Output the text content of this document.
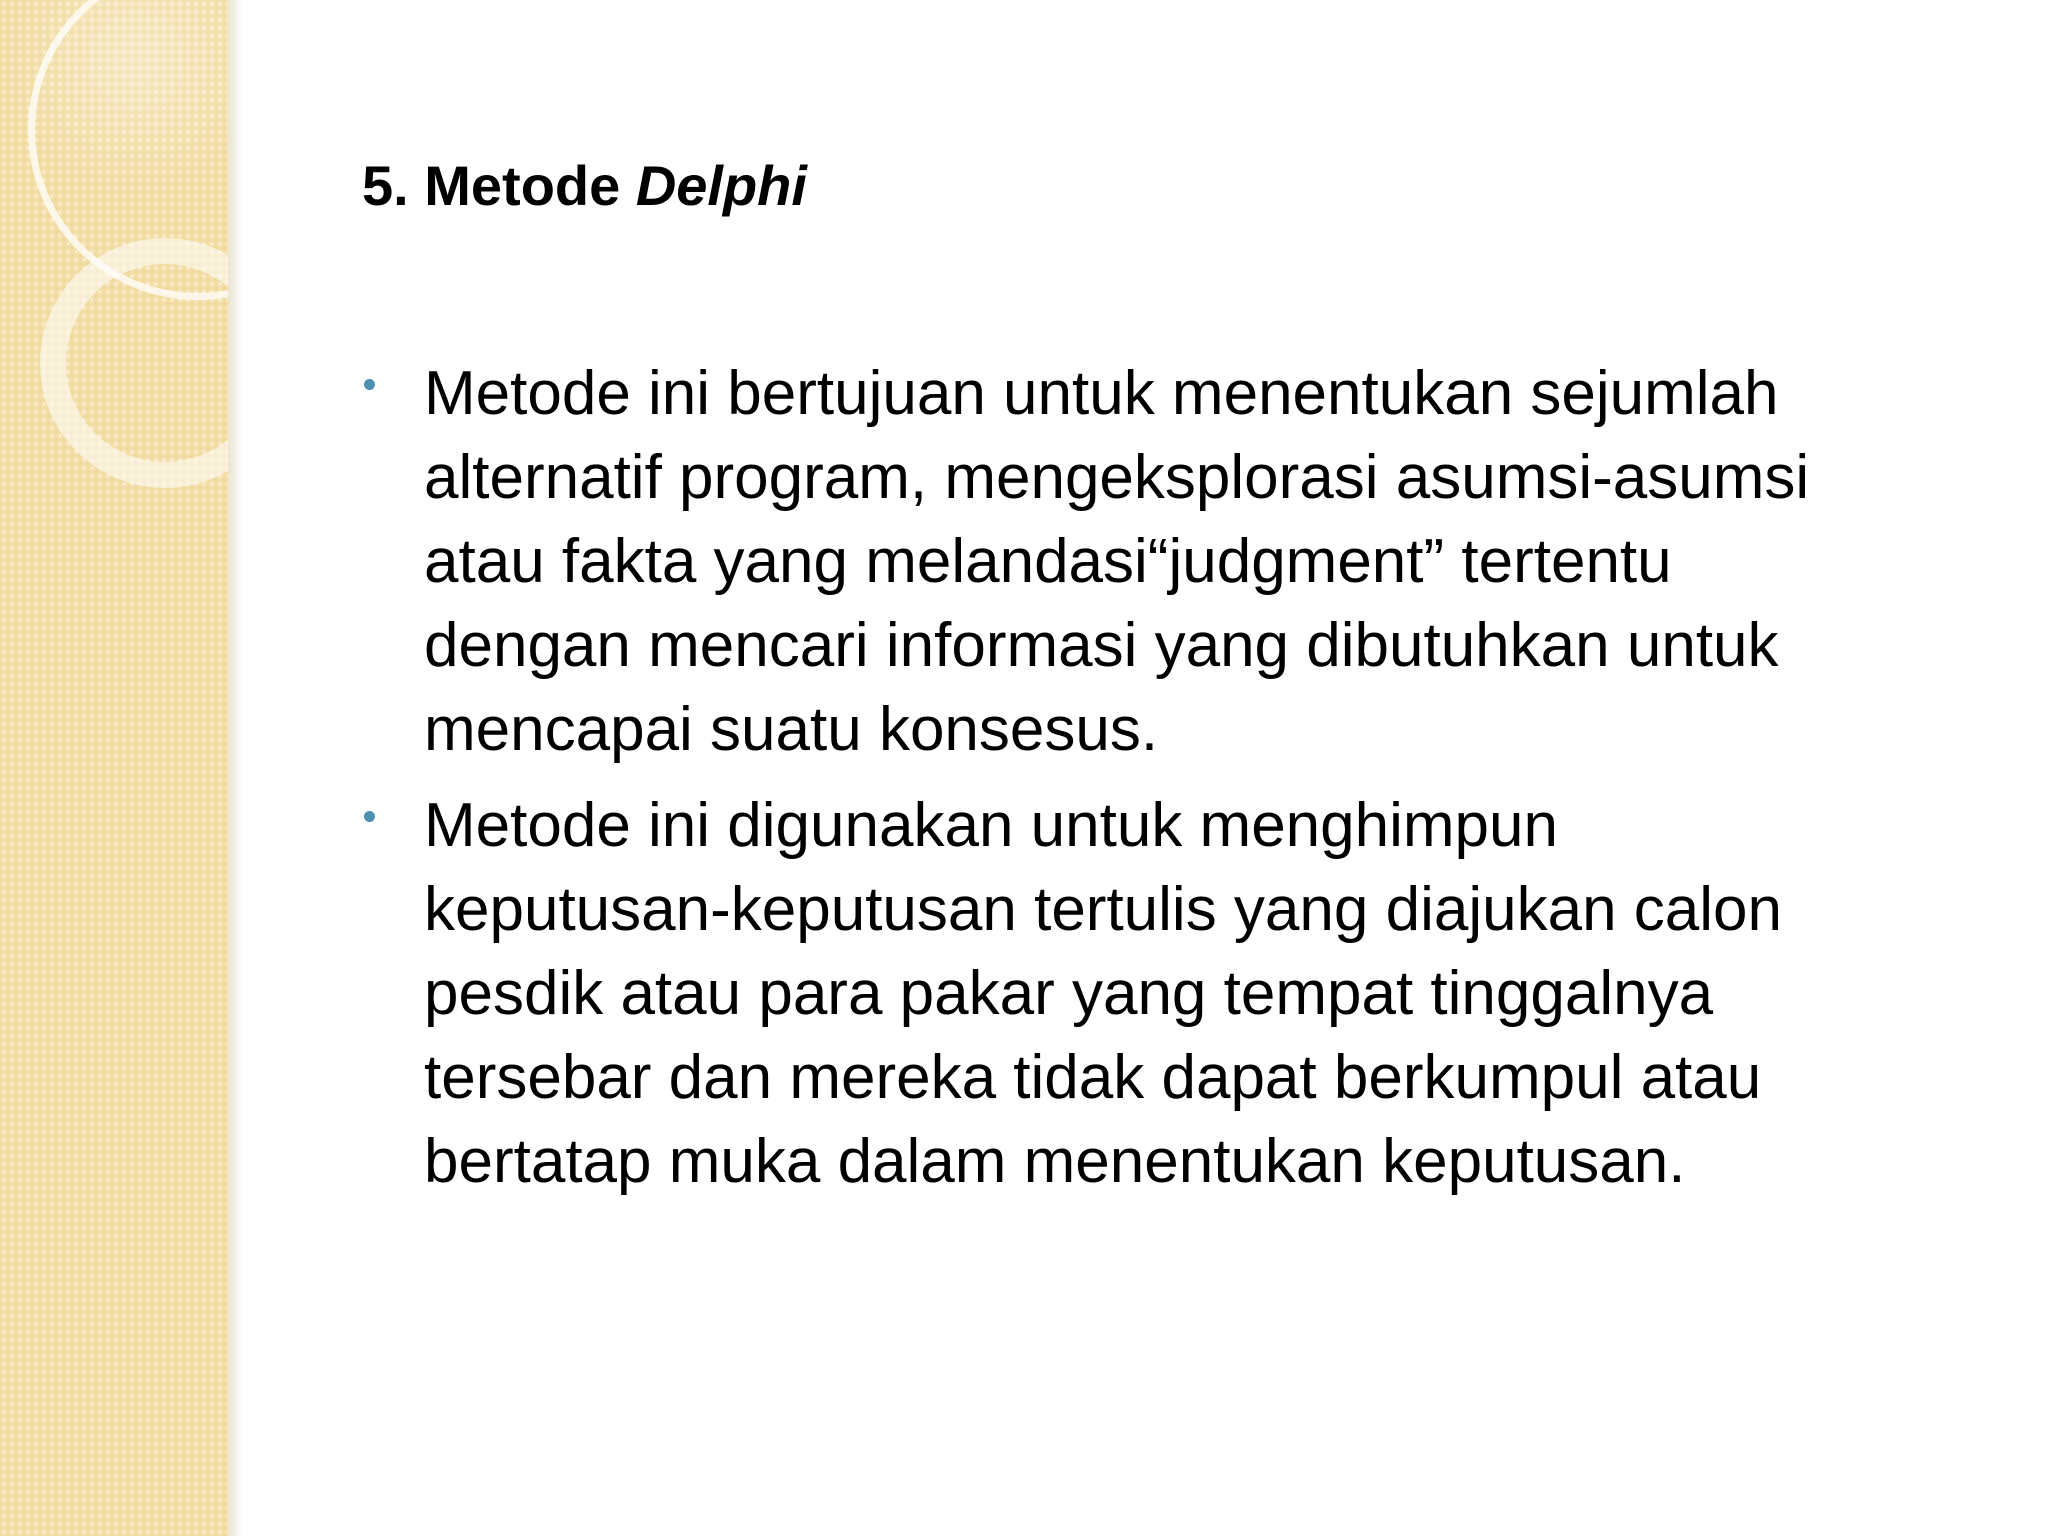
5. Metode Delphi
Metode ini bertujuan untuk menentukan sejumlah
alternatif program, mengeksplorasi asumsi-asumsi
atau fakta yang melandasi“judgment” tertentu
dengan mencari informasi yang dibutuhkan untuk
mencapai suatu konsesus.
Metode ini digunakan untuk menghimpun
keputusan-keputusan tertulis yang diajukan calon
pesdik atau para pakar yang tempat tinggalnya
tersebar dan mereka tidak dapat berkumpul atau
bertatap muka dalam menentukan keputusan.
